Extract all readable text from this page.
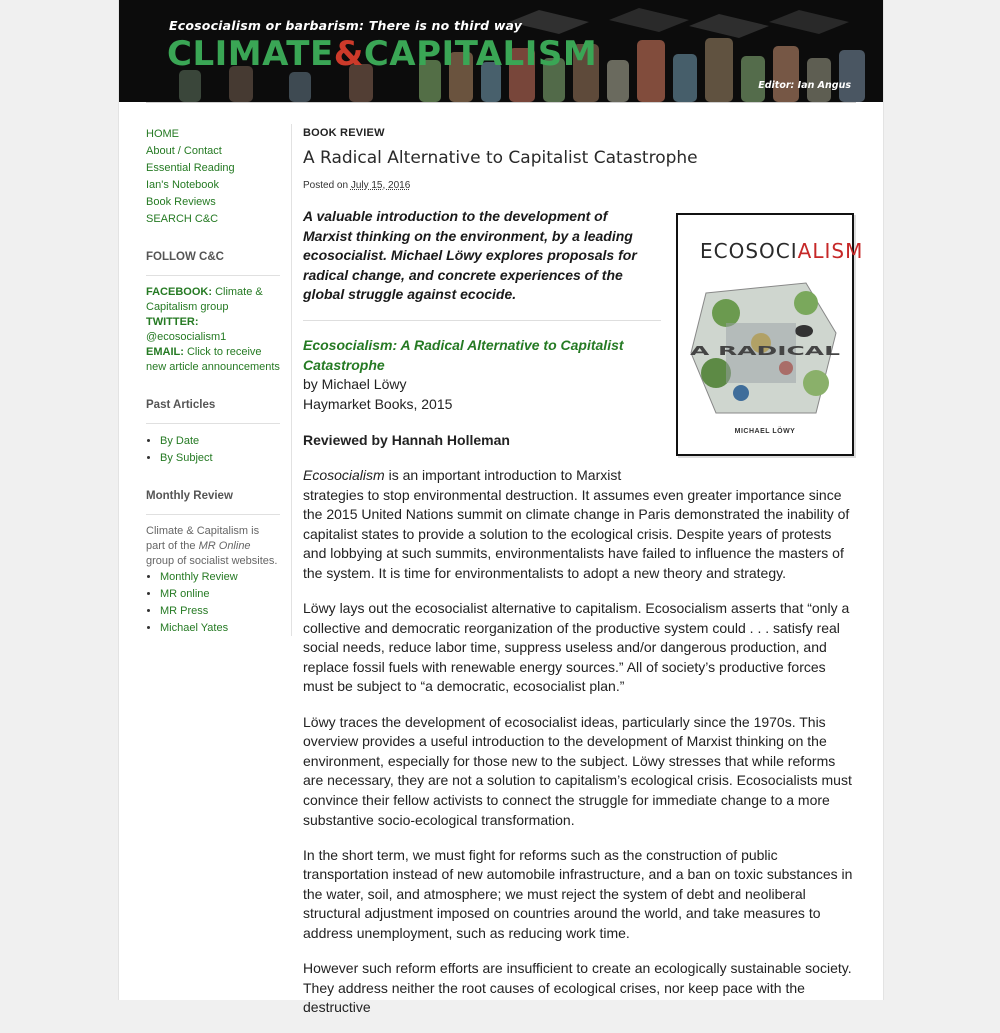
Ecosocialism or barbarism: There is no third way
CLIMATE&CAPITALISM
Editor: Ian Angus
HOME
About / Contact
Essential Reading
Ian's Notebook
Book Reviews
SEARCH C&C
FOLLOW C&C
FACEBOOK: Climate & Capitalism group
TWITTER: @ecosocialism1
EMAIL: Click to receive new article announcements
Past Articles
• By Date
• By Subject
Monthly Review
Climate & Capitalism is part of the MR Online group of socialist websites.
• Monthly Review
• MR online
• MR Press
• Michael Yates
BOOK REVIEW
A Radical Alternative to Capitalist Catastrophe
Posted on July 15, 2016
A valuable introduction to the development of Marxist thinking on the environment, by a leading ecosocialist. Michael Löwy explores proposals for radical change, and concrete experiences of the global struggle against ecocide.
Ecosocialism: A Radical Alternative to Capitalist Catastrophe
by Michael Löwy
Haymarket Books, 2015
Reviewed by Hannah Holleman
ECOSOCIALISM
A RADICAL
MICHAEL LÖWY

Ecosocialism is an important introduction to Marxist
strategies to stop environmental destruction. It assumes even greater importance since the 2015 United Nations summit on climate change in Paris demonstrated the inability of capitalist states to provide a solution to the ecological crisis. Despite years of protests and lobbying at such summits, environmentalists have failed to influence the masters of the system. It is time for environmentalists to adopt a new theory and strategy.

Löwy lays out the ecosocialist alternative to capitalism. Ecosocialism asserts that “only a collective and democratic reorganization of the productive system could . . . satisfy real social needs, reduce labor time, suppress useless and/or dangerous production, and replace fossil fuels with renewable energy sources.” All of society’s productive forces must be subject to “a democratic, ecosocialist plan.”

Löwy traces the development of ecosocialist ideas, particularly since the 1970s. This overview provides a useful introduction to the development of Marxist thinking on the environment, especially for those new to the subject. Löwy stresses that while reforms are necessary, they are not a solution to capitalism’s ecological crisis. Ecosocialists must convince their fellow activists to connect the struggle for immediate change to a more substantive socio-ecological transformation.

In the short term, we must fight for reforms such as the construction of public transportation instead of new automobile infrastructure, and a ban on toxic substances in the water, soil, and atmosphere; we must reject the system of debt and neoliberal structural adjustment imposed on countries around the world, and take measures to address unemployment, such as reducing work time.

However such reform efforts are insufficient to create an ecologically sustainable society. They address neither the root causes of ecological crises, nor keep pace with the destructive
